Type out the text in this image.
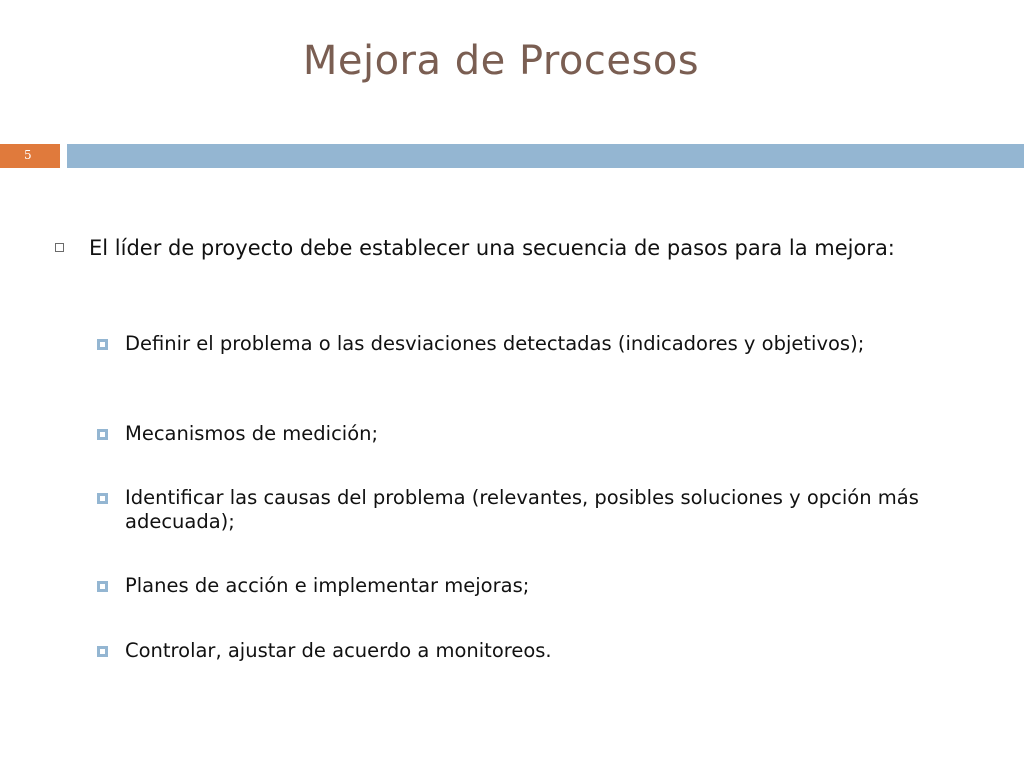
Mejora de Procesos
5
El líder de proyecto debe establecer una secuencia de pasos para la mejora:
Definir el problema o las desviaciones detectadas (indicadores y objetivos);
Mecanismos de medición;
Identificar las causas del problema (relevantes, posibles soluciones y opción más adecuada);
Planes de acción e implementar mejoras;
Controlar, ajustar de acuerdo a monitoreos.
